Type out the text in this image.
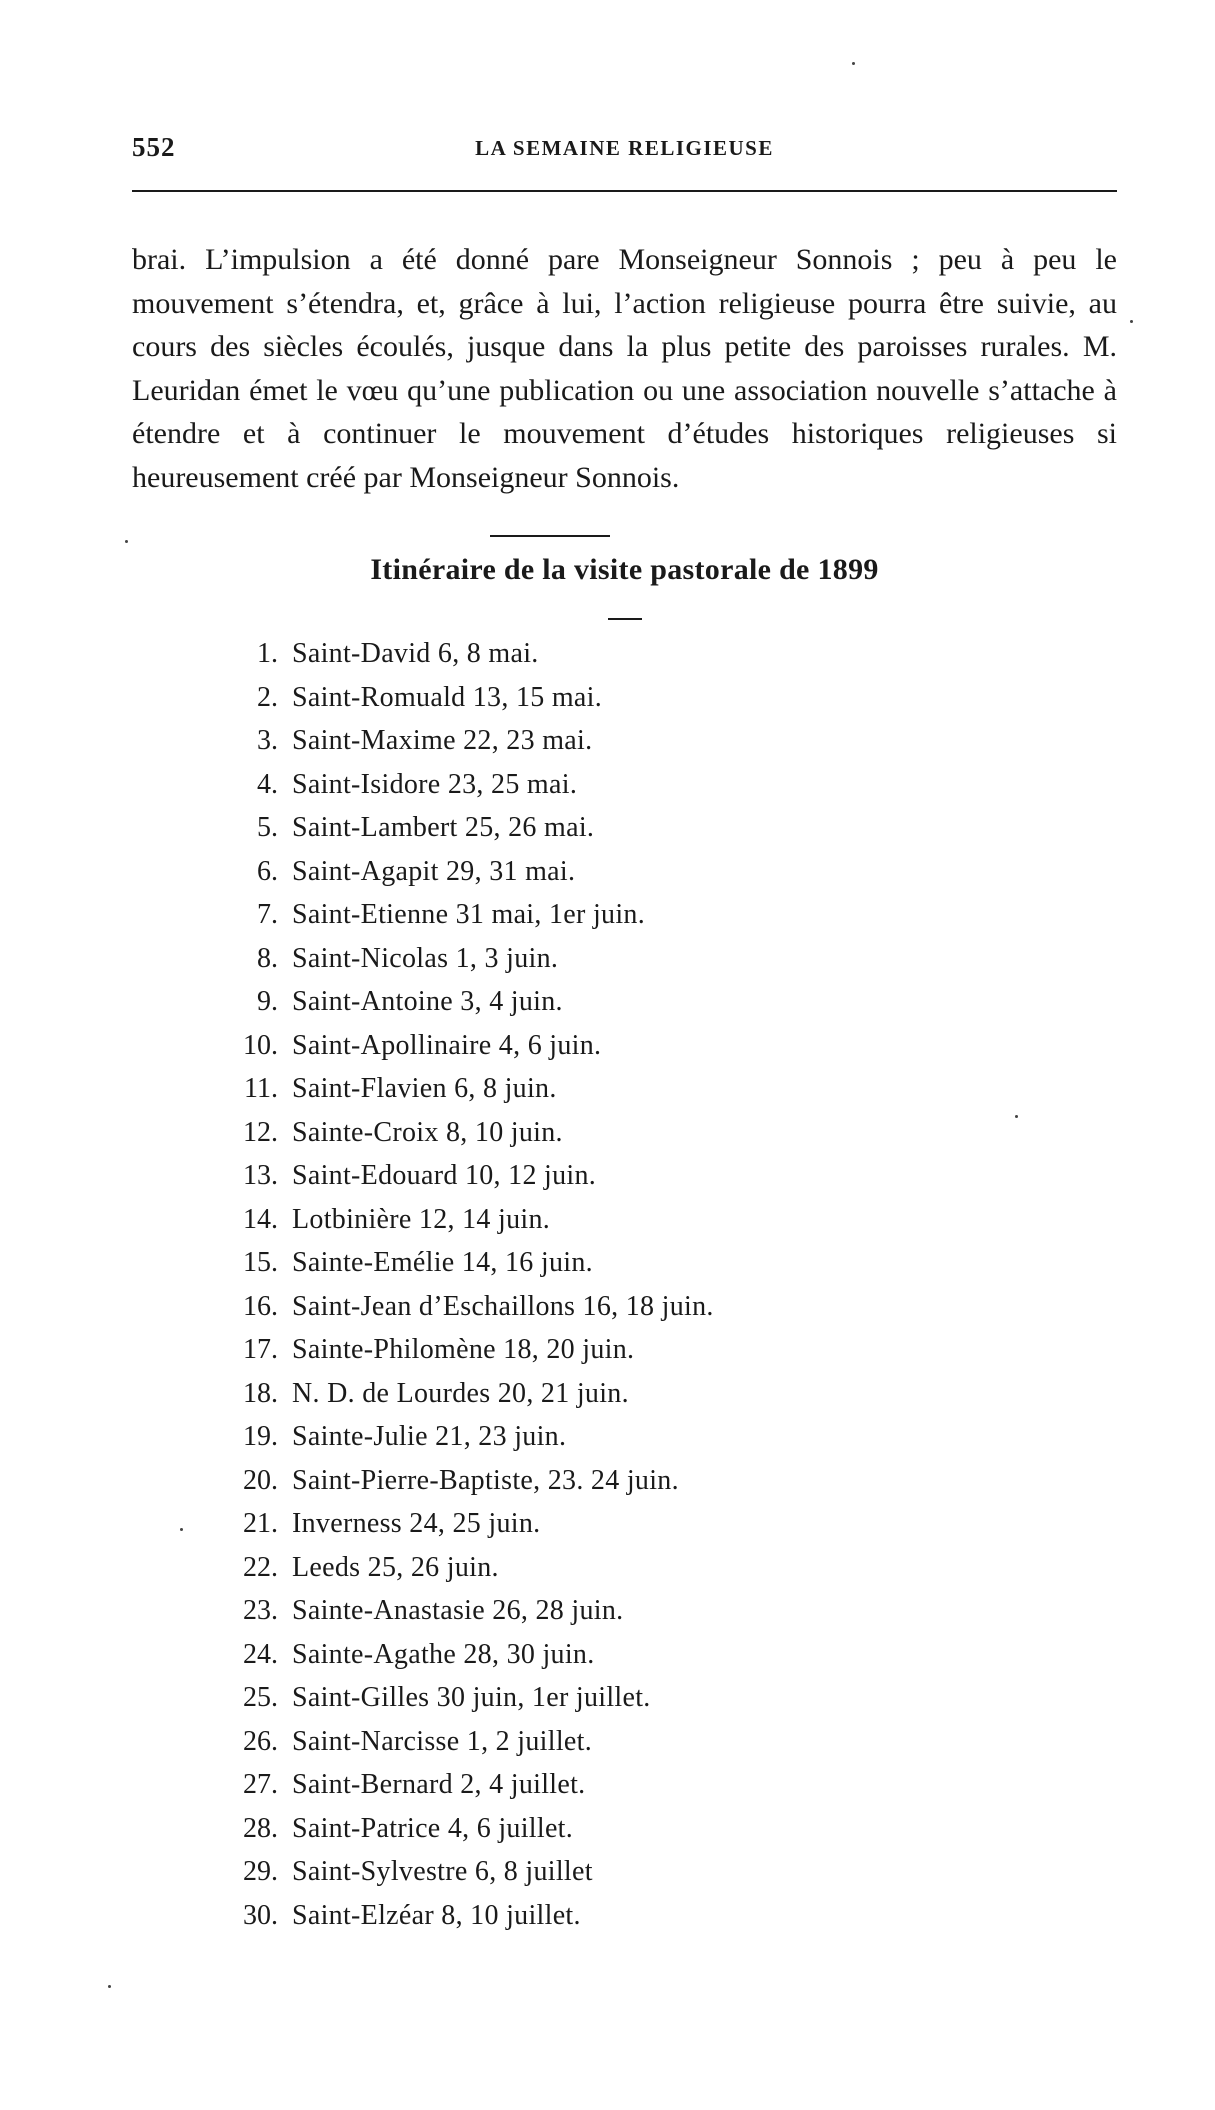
552	LA SEMAINE RELIGIEUSE

brai. L’impulsion a été donné pare Monseigneur Sonnois ; peu à peu le mouvement s’étendra, et, grâce à lui, l’action religieuse pourra être suivie, au cours des siècles écoulés, jusque dans la plus petite des paroisses rurales. M. Leuridan émet le vœu qu’une publication ou une association nouvelle s’attache à étendre et à continuer le mouvement d’études historiques religieuses si heureusement créé par Monseigneur Sonnois.

Itinéraire de la visite pastorale de 1899
1. Saint-David 6, 8 mai.
2. Saint-Romuald 13, 15 mai.
3. Saint-Maxime 22, 23 mai.
4. Saint-Isidore 23, 25 mai.
5. Saint-Lambert 25, 26 mai.
6. Saint-Agapit 29, 31 mai.
7. Saint-Etienne 31 mai, 1er juin.
8. Saint-Nicolas 1, 3 juin.
9. Saint-Antoine 3, 4 juin.
10. Saint-Apollinaire 4, 6 juin.
11. Saint-Flavien 6, 8 juin.
12. Sainte-Croix 8, 10 juin.
13. Saint-Edouard 10, 12 juin.
14. Lotbinière 12, 14 juin.
15. Sainte-Emélie 14, 16 juin.
16. Saint-Jean d’Eschaillons 16, 18 juin.
17. Sainte-Philomène 18, 20 juin.
18. N. D. de Lourdes 20, 21 juin.
19. Sainte-Julie 21, 23 juin.
20. Saint-Pierre-Baptiste, 23. 24 juin.
21. Inverness 24, 25 juin.
22. Leeds 25, 26 juin.
23. Sainte-Anastasie 26, 28 juin.
24. Sainte-Agathe 28, 30 juin.
25. Saint-Gilles 30 juin, 1er juillet.
26. Saint-Narcisse 1, 2 juillet.
27. Saint-Bernard 2, 4 juillet.
28. Saint-Patrice 4, 6 juillet.
29. Saint-Sylvestre 6, 8 juillet
30. Saint-Elzéar 8, 10 juillet.
